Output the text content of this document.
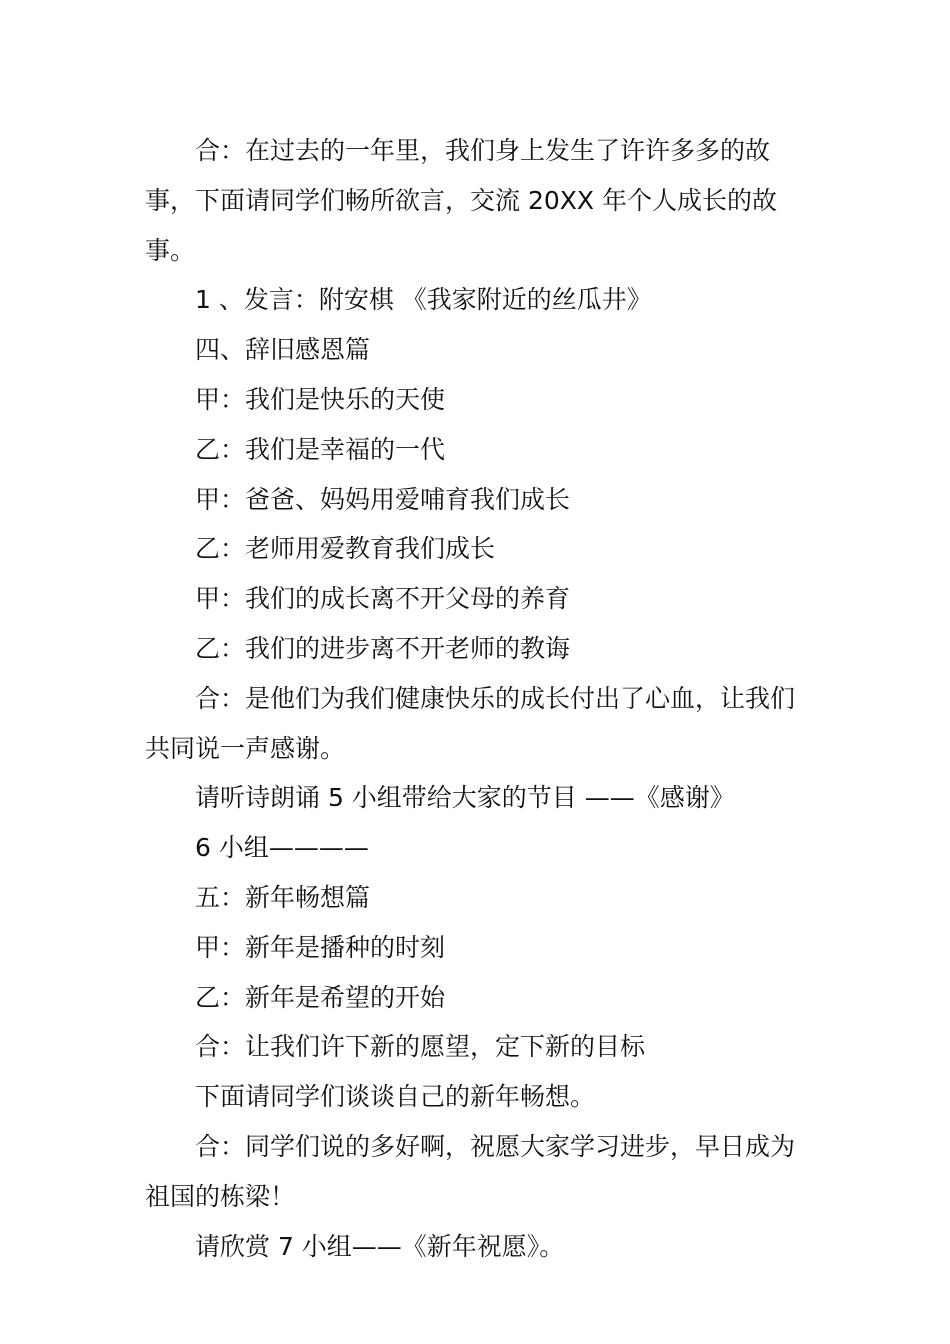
合：在过去的一年里，我们身上发生了许许多多的故事，下面请同学们畅所欲言，交流 20XX 年个人成长的故事。

1 、发言：附安棋 《我家附近的丝瓜井》

四、辞旧感恩篇

甲：我们是快乐的天使

乙：我们是幸福的一代

甲：爸爸、妈妈用爱哺育我们成长

乙：老师用爱教育我们成长

甲：我们的成长离不开父母的养育

乙：我们的进步离不开老师的教诲

合：是他们为我们健康快乐的成长付出了心血，让我们共同说一声感谢。

请听诗朗诵 5 小组带给大家的节目 ——《感谢》

6 小组————

五：新年畅想篇

甲：新年是播种的时刻

乙：新年是希望的开始

合：让我们许下新的愿望，定下新的目标

下面请同学们谈谈自己的新年畅想。

合：同学们说的多好啊，祝愿大家学习进步，早日成为祖国的栋梁！

请欣赏 7 小组——《新年祝愿》。
